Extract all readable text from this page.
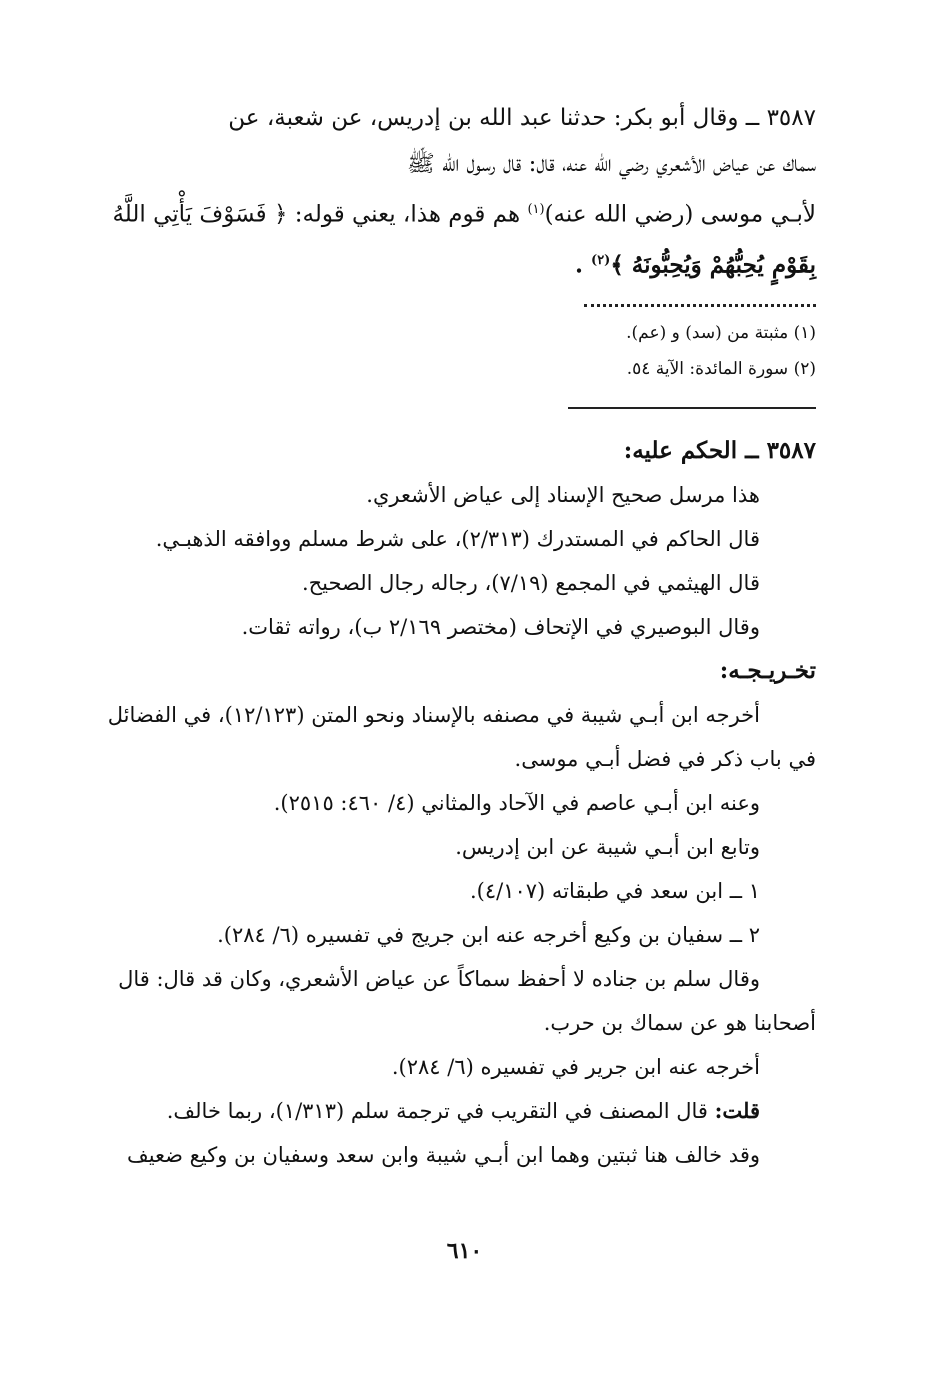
٣٥٨٧ ــ وقال أبو بكر: حدثنا عبد الله بن إدريس، عن شعبة، عن

سماك عن عياض الأشعري رضي الله عنه، قال: قال رسول الله ﷺ

لأبـي موسى (رضي الله عنه)$^{(١)}$ هم قوم هذا، يعني قوله: ﴿ فَسَوْفَ يَأْتِي اللَّهُ

بِقَوْمٍ يُحِبُّهُمْ وَيُحِبُّونَهُ ﴾$^{(٢)}$ .

(١) مثبتة من (سد) و (عم).

(٢) سورة المائدة: الآية ٥٤.

٣٥٨٧ ــ الحكم عليه:

هذا مرسل صحيح الإسناد إلى عياض الأشعري.

قال الحاكم في المستدرك (٢/٣١٣)، على شرط مسلم ووافقه الذهبـي.

قال الهيثمي في المجمع (٧/١٩)، رجاله رجال الصحيح.

وقال البوصيري في الإتحاف (مختصر ٢/١٦٩ ب)، رواته ثقات.

تخـريـجـه:

أخرجه ابن أبـي شيبة في مصنفه بالإسناد ونحو المتن (١٢/١٢٣)، في الفضائل

في باب ذكر في فضل أبـي موسى.

وعنه ابن أبـي عاصم في الآحاد والمثاني (٤/ ٤٦٠: ٢٥١٥).

وتابع ابن أبـي شيبة عن ابن إدريس.

١ ــ ابن سعد في طبقاته (٤/١٠٧).

٢ ــ سفيان بن وكيع أخرجه عنه ابن جريج في تفسيره (٦/ ٢٨٤).

وقال سلم بن جناده لا أحفظ سماكاً عن عياض الأشعري، وكان قد قال: قال

أصحابنا هو عن سماك بن حرب.

أخرجه عنه ابن جرير في تفسيره (٦/ ٢٨٤).

قلت: قال المصنف في التقريب في ترجمة سلم (١/٣١٣)، ربما خالف.

وقد خالف هنا ثبتين وهما ابن أبـي شيبة وابن سعد وسفيان بن وكيع ضعيف

٦١٠
